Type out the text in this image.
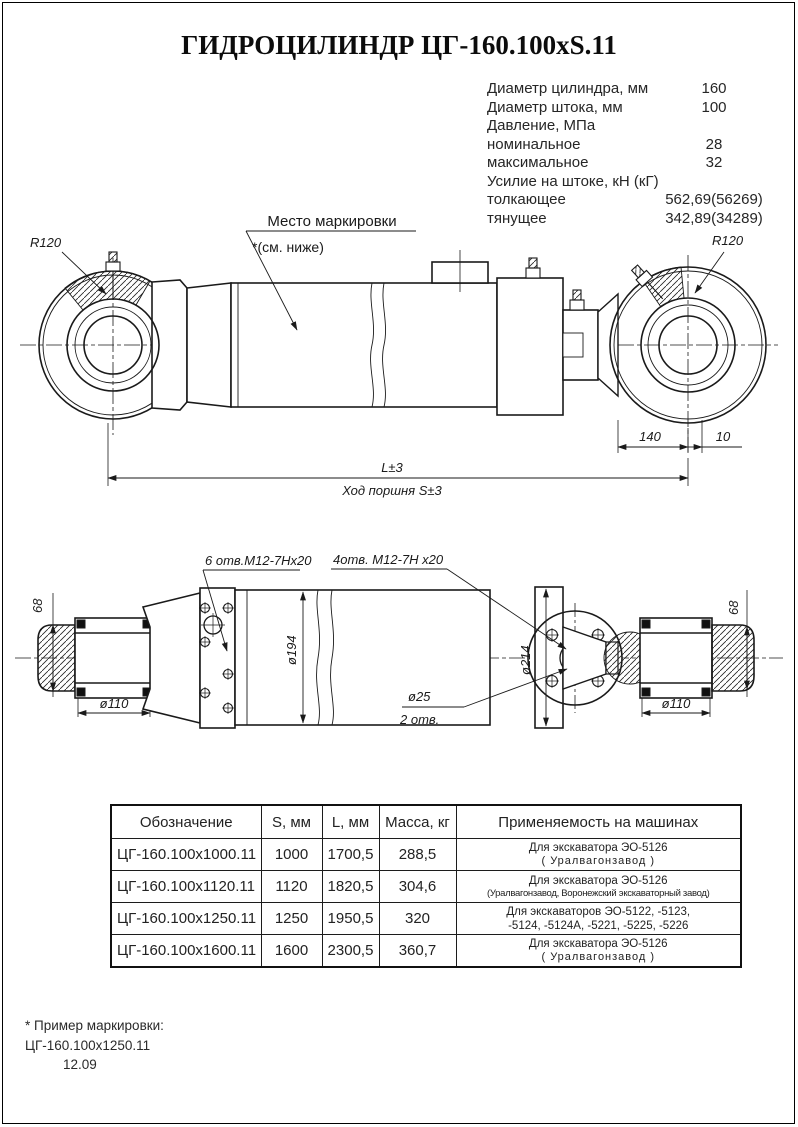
ГИДРОЦИЛИНДР ЦГ-160.100xS.11
Диаметр цилиндра, мм	160
Диаметр штока, мм	100
Давление, МПа
номинальное	28
максимальное	32
Усилие на штоке, кН (кГ)
толкающее	562,69(56269)
тянущее	342,89(34289)
R120	R120
Место маркировки
*(см. ниже)
140	10
L±3
Ход поршня S±3
6 отв.M12-7Hх20 4отв. M12-7H х20
ø194	ø214
ø110	ø110
ø25
2 отв.
68	68
Обозначение	S, мм	L, мм	Масса, кг	Применяемость на машинах
ЦГ-160.100х1000.11	1000	1700,5	288,5	Для экскаватора ЭО-5126
( Уралвагонзавод )

ЦГ-160.100х1120.11	1120	1820,5	304,6	Для экскаватора ЭО-5126
(Уралвагонзавод, Воронежский экскаваторный завод)

ЦГ-160.100х1250.11	1250	1950,5	320	Для экскаваторов ЭО-5122, -5123,
-5124, -5124А, -5221, -5225, -5226

ЦГ-160.100х1600.11	1600	2300,5	360,7	Для экскаватора ЭО-5126
( Уралвагонзавод )
* Пример маркировки:
ЦГ-160.100х1250.11
12.09
